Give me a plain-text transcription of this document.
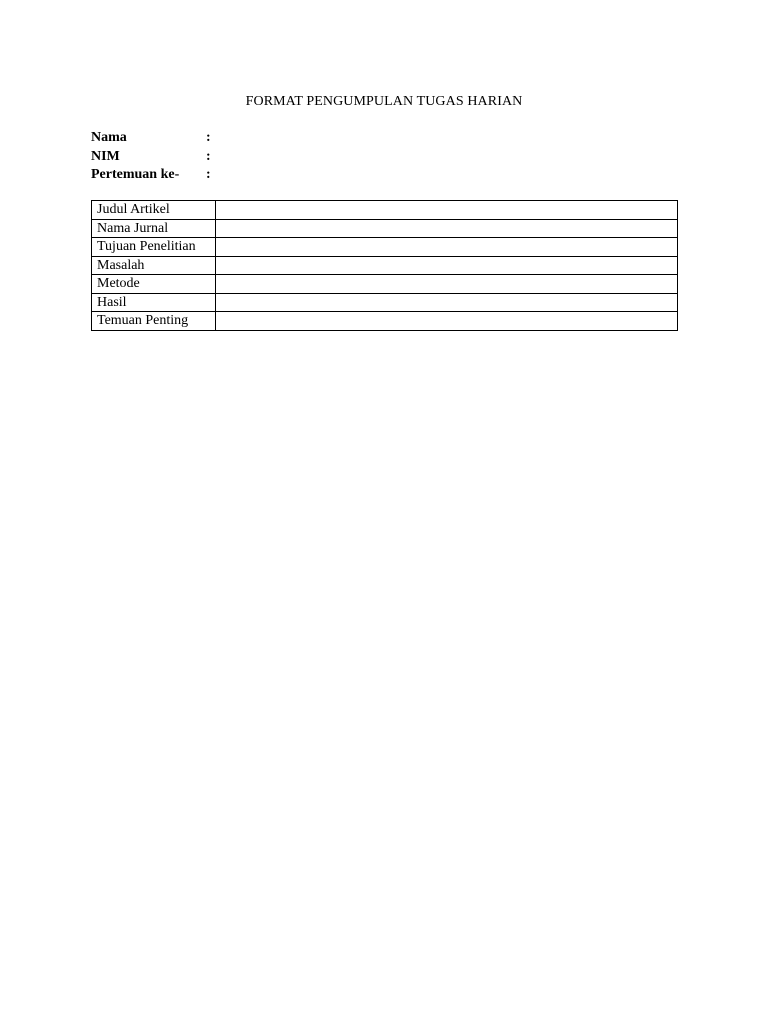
FORMAT PENGUMPULAN TUGAS HARIAN
Nama	:
NIM	:
Pertemuan ke- :
Judul Artikel	
Nama Jurnal	
Tujuan Penelitian	
Masalah	
Metode	
Hasil	
Temuan Penting	
